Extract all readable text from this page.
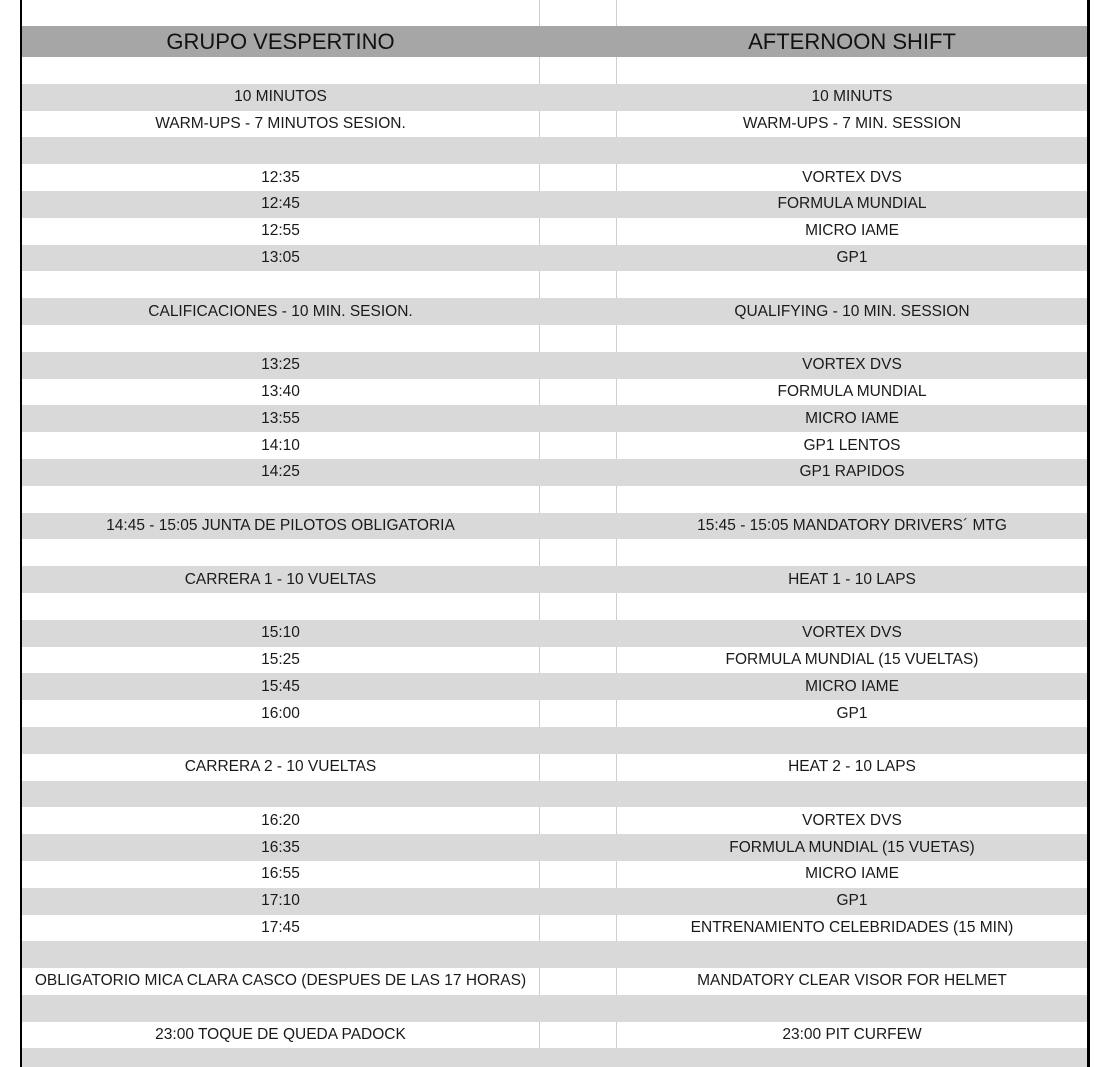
GRUPO VESPERTINO	AFTERNOON SHIFT
10 MINUTOS	10 MINUTS
WARM-UPS - 7 MINUTOS SESION.	WARM-UPS - 7 MIN. SESSION
12:35	VORTEX DVS
12:45	FORMULA MUNDIAL
12:55	MICRO IAME
13:05	GP1
CALIFICACIONES - 10 MIN. SESION.	QUALIFYING - 10 MIN. SESSION
13:25	VORTEX DVS
13:40	FORMULA MUNDIAL
13:55	MICRO IAME
14:10	GP1 LENTOS
14:25	GP1 RAPIDOS
14:45 - 15:05 JUNTA DE PILOTOS OBLIGATORIA	15:45 - 15:05 MANDATORY DRIVERS´ MTG
CARRERA 1 - 10 VUELTAS	HEAT 1 - 10 LAPS
15:10	VORTEX DVS
15:25	FORMULA MUNDIAL (15 VUELTAS)
15:45	MICRO IAME
16:00	GP1
CARRERA 2 - 10 VUELTAS	HEAT 2 - 10 LAPS
16:20	VORTEX DVS
16:35	FORMULA MUNDIAL (15 VUETAS)
16:55	MICRO IAME
17:10	GP1
17:45	ENTRENAMIENTO CELEBRIDADES (15 MIN)
OBLIGATORIO MICA CLARA CASCO (DESPUES DE LAS 17 HORAS)	MANDATORY CLEAR VISOR FOR HELMET
23:00 TOQUE DE QUEDA PADOCK	23:00 PIT CURFEW
